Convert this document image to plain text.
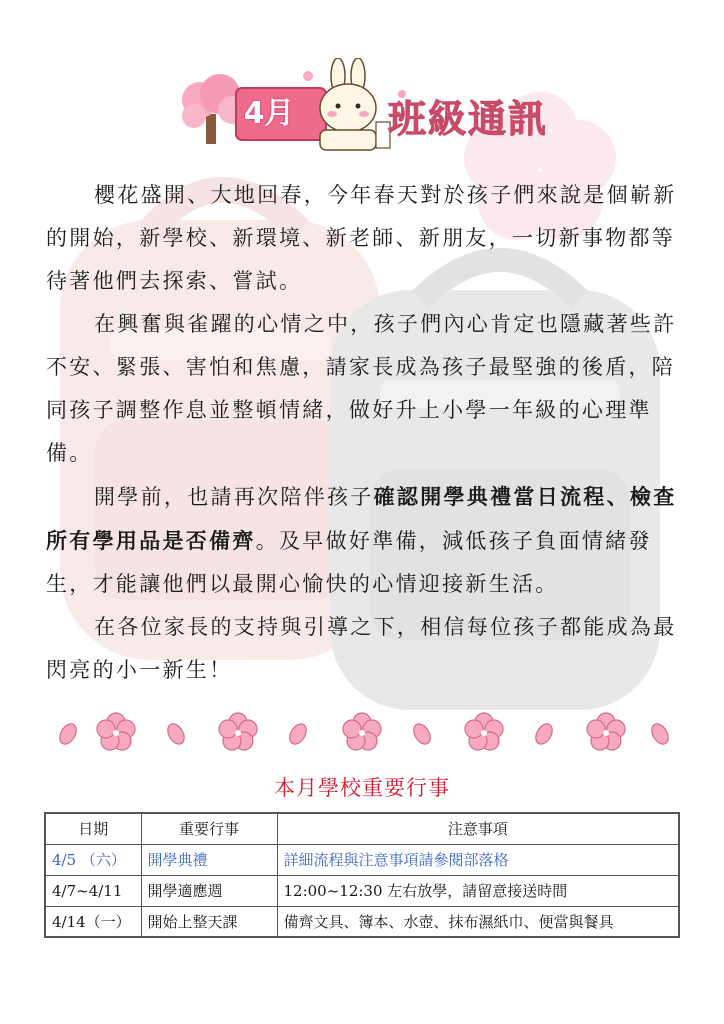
4月 班級通訊

櫻花盛開、大地回春，今年春天對於孩子們來說是個嶄新的開始，新學校、新環境、新老師、新朋友，一切新事物都等待著他們去探索、嘗試。

在興奮與雀躍的心情之中，孩子們內心肯定也隱藏著些許不安、緊張、害怕和焦慮，請家長成為孩子最堅強的後盾，陪同孩子調整作息並整頓情緒，做好升上小學一年級的心理準備。

開學前，也請再次陪伴孩子確認開學典禮當日流程、檢查所有學用品是否備齊。及早做好準備，減低孩子負面情緒發生，才能讓他們以最開心愉快的心情迎接新生活。

在各位家長的支持與引導之下，相信每位孩子都能成為最閃亮的小一新生！

本月學校重要行事
日期	重要行事	注意事項
4/5 （六）	開學典禮	詳細流程與注意事項請參閱部落格
4/7~4/11	開學適應週	12:00~12:30 左右放學，請留意接送時間
4/14（一）	開始上整天課	備齊文具、簿本、水壺、抹布濕紙巾、便當與餐具
